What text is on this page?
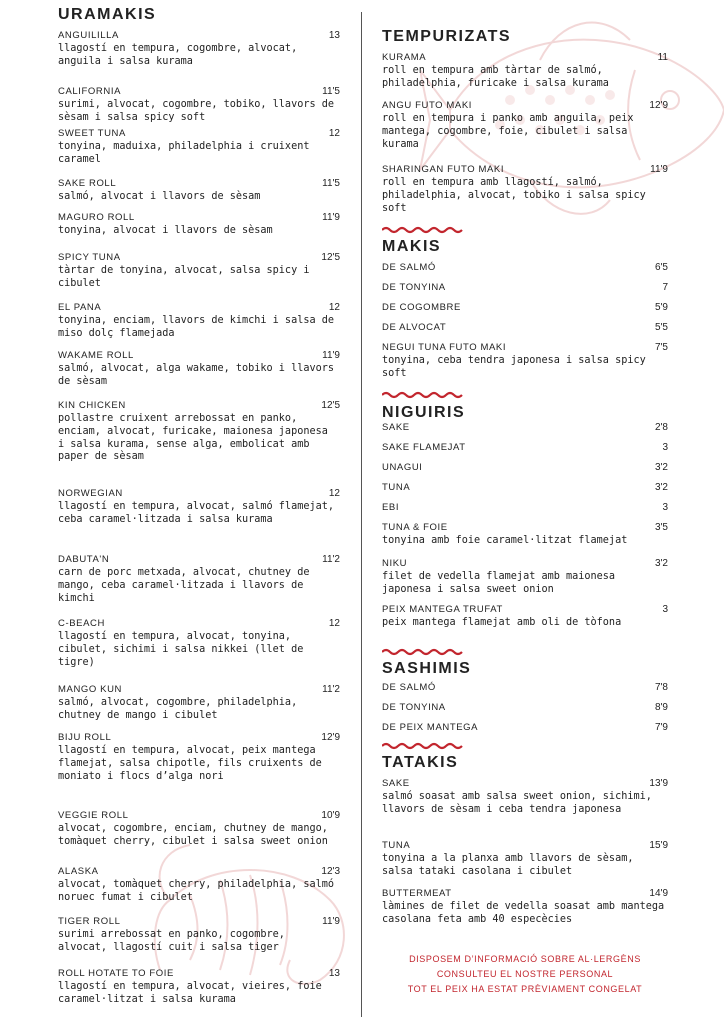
URAMAKIS
ANGUILILLA	13
llagostí en tempura, cogombre, alvocat, anguila i salsa kurama
CALIFORNIA	11'5
surimi, alvocat, cogombre, tobiko, llavors de sèsam i salsa spicy soft
SWEET TUNA	12
tonyina, maduixa, philadelphia i cruixent caramel
SAKE ROLL	11'5
salmó, alvocat i llavors de sèsam
MAGURO ROLL	11'9
tonyina, alvocat i llavors de sèsam
SPICY TUNA	12'5
tàrtar de tonyina, alvocat, salsa spicy i cibulet
EL PANA	12
tonyina, enciam, llavors de kimchi i salsa de miso dolç flamejada
WAKAME ROLL	11'9
salmó, alvocat, alga wakame, tobiko i llavors de sèsam
KIN CHICKEN	12'5
pollastre cruixent arrebossat en panko, enciam, alvocat, furicake, maionesa japonesa i salsa kurama, sense alga, embolicat amb paper de sèsam
NORWEGIAN	12
llagostí en tempura, alvocat, salmó flamejat, ceba caramel·litzada i salsa kurama
DABUTA'N	11'2
carn de porc metxada, alvocat, chutney de mango, ceba caramel·litzada i llavors de kimchi
C-BEACH	12
llagostí en tempura, alvocat, tonyina, cibulet, sichimi i salsa nikkei (llet de tigre)
MANGO KUN	11'2
salmó, alvocat, cogombre, philadelphia, chutney de mango i cibulet
BIJU ROLL	12'9
llagostí en tempura, alvocat, peix mantega flamejat, salsa chipotle, fils cruixents de moniato i flocs d’alga nori
VEGGIE ROLL	10'9
alvocat, cogombre, enciam, chutney de mango, tomàquet cherry, cibulet i salsa sweet onion
ALASKA	12'3
alvocat, tomàquet cherry, philadelphia, salmó noruec fumat i cibulet
TIGER ROLL	11'9
surimi arrebossat en panko, cogombre, alvocat, llagostí cuit i salsa tiger
ROLL HOTATE TO FOIE	13
llagostí en tempura, alvocat, vieires, foie caramel·litzat i salsa kurama
TEMPURIZATS
MAKIS
NIGUIRIS
SASHIMIS
TATAKIS
KURAMA	11
roll en tempura amb tàrtar de salmó, philadelphia, furicake i salsa kurama
ANGU FUTO MAKI	12'9
roll en tempura i panko amb anguila, peix mantega, cogombre, foie, cibulet i salsa kurama
SHARINGAN FUTO MAKI	11'9
roll en tempura amb llagostí, salmó, philadelphia, alvocat, tobiko i salsa spicy soft
DE SALMÓ	6'5
DE TONYINA	7
DE COGOMBRE	5'9
DE ALVOCAT	5'5
NEGUI TUNA FUTO MAKI	7'5
tonyina, ceba tendra japonesa i salsa spicy soft
SAKE	2'8
SAKE FLAMEJAT	3
UNAGUI	3'2
TUNA	3'2
EBI	3
TUNA & FOIE	3'5
tonyina amb foie caramel·litzat flamejat
NIKU	3'2
filet de vedella flamejat amb maionesa japonesa i salsa sweet onion
PEIX MANTEGA TRUFAT	3
peix mantega flamejat amb oli de tòfona
DE SALMÓ	7'8
DE TONYINA	8'9
DE PEIX MANTEGA	7'9
SAKE	13'9
salmó soasat amb salsa sweet onion, sichimi, llavors de sèsam i ceba tendra japonesa
TUNA	15'9
tonyina a la planxa amb llavors de sèsam, salsa tataki casolana i cibulet
BUTTERMEAT	14'9
làmines de filet de vedella soasat amb mantega casolana feta amb 40 especècies
DISPOSEM D’INFORMACIÓ SOBRE AL·LERGÈNS
CONSULTEU EL NOSTRE PERSONAL
TOT EL PEIX HA ESTAT PRÈVIAMENT CONGELAT
